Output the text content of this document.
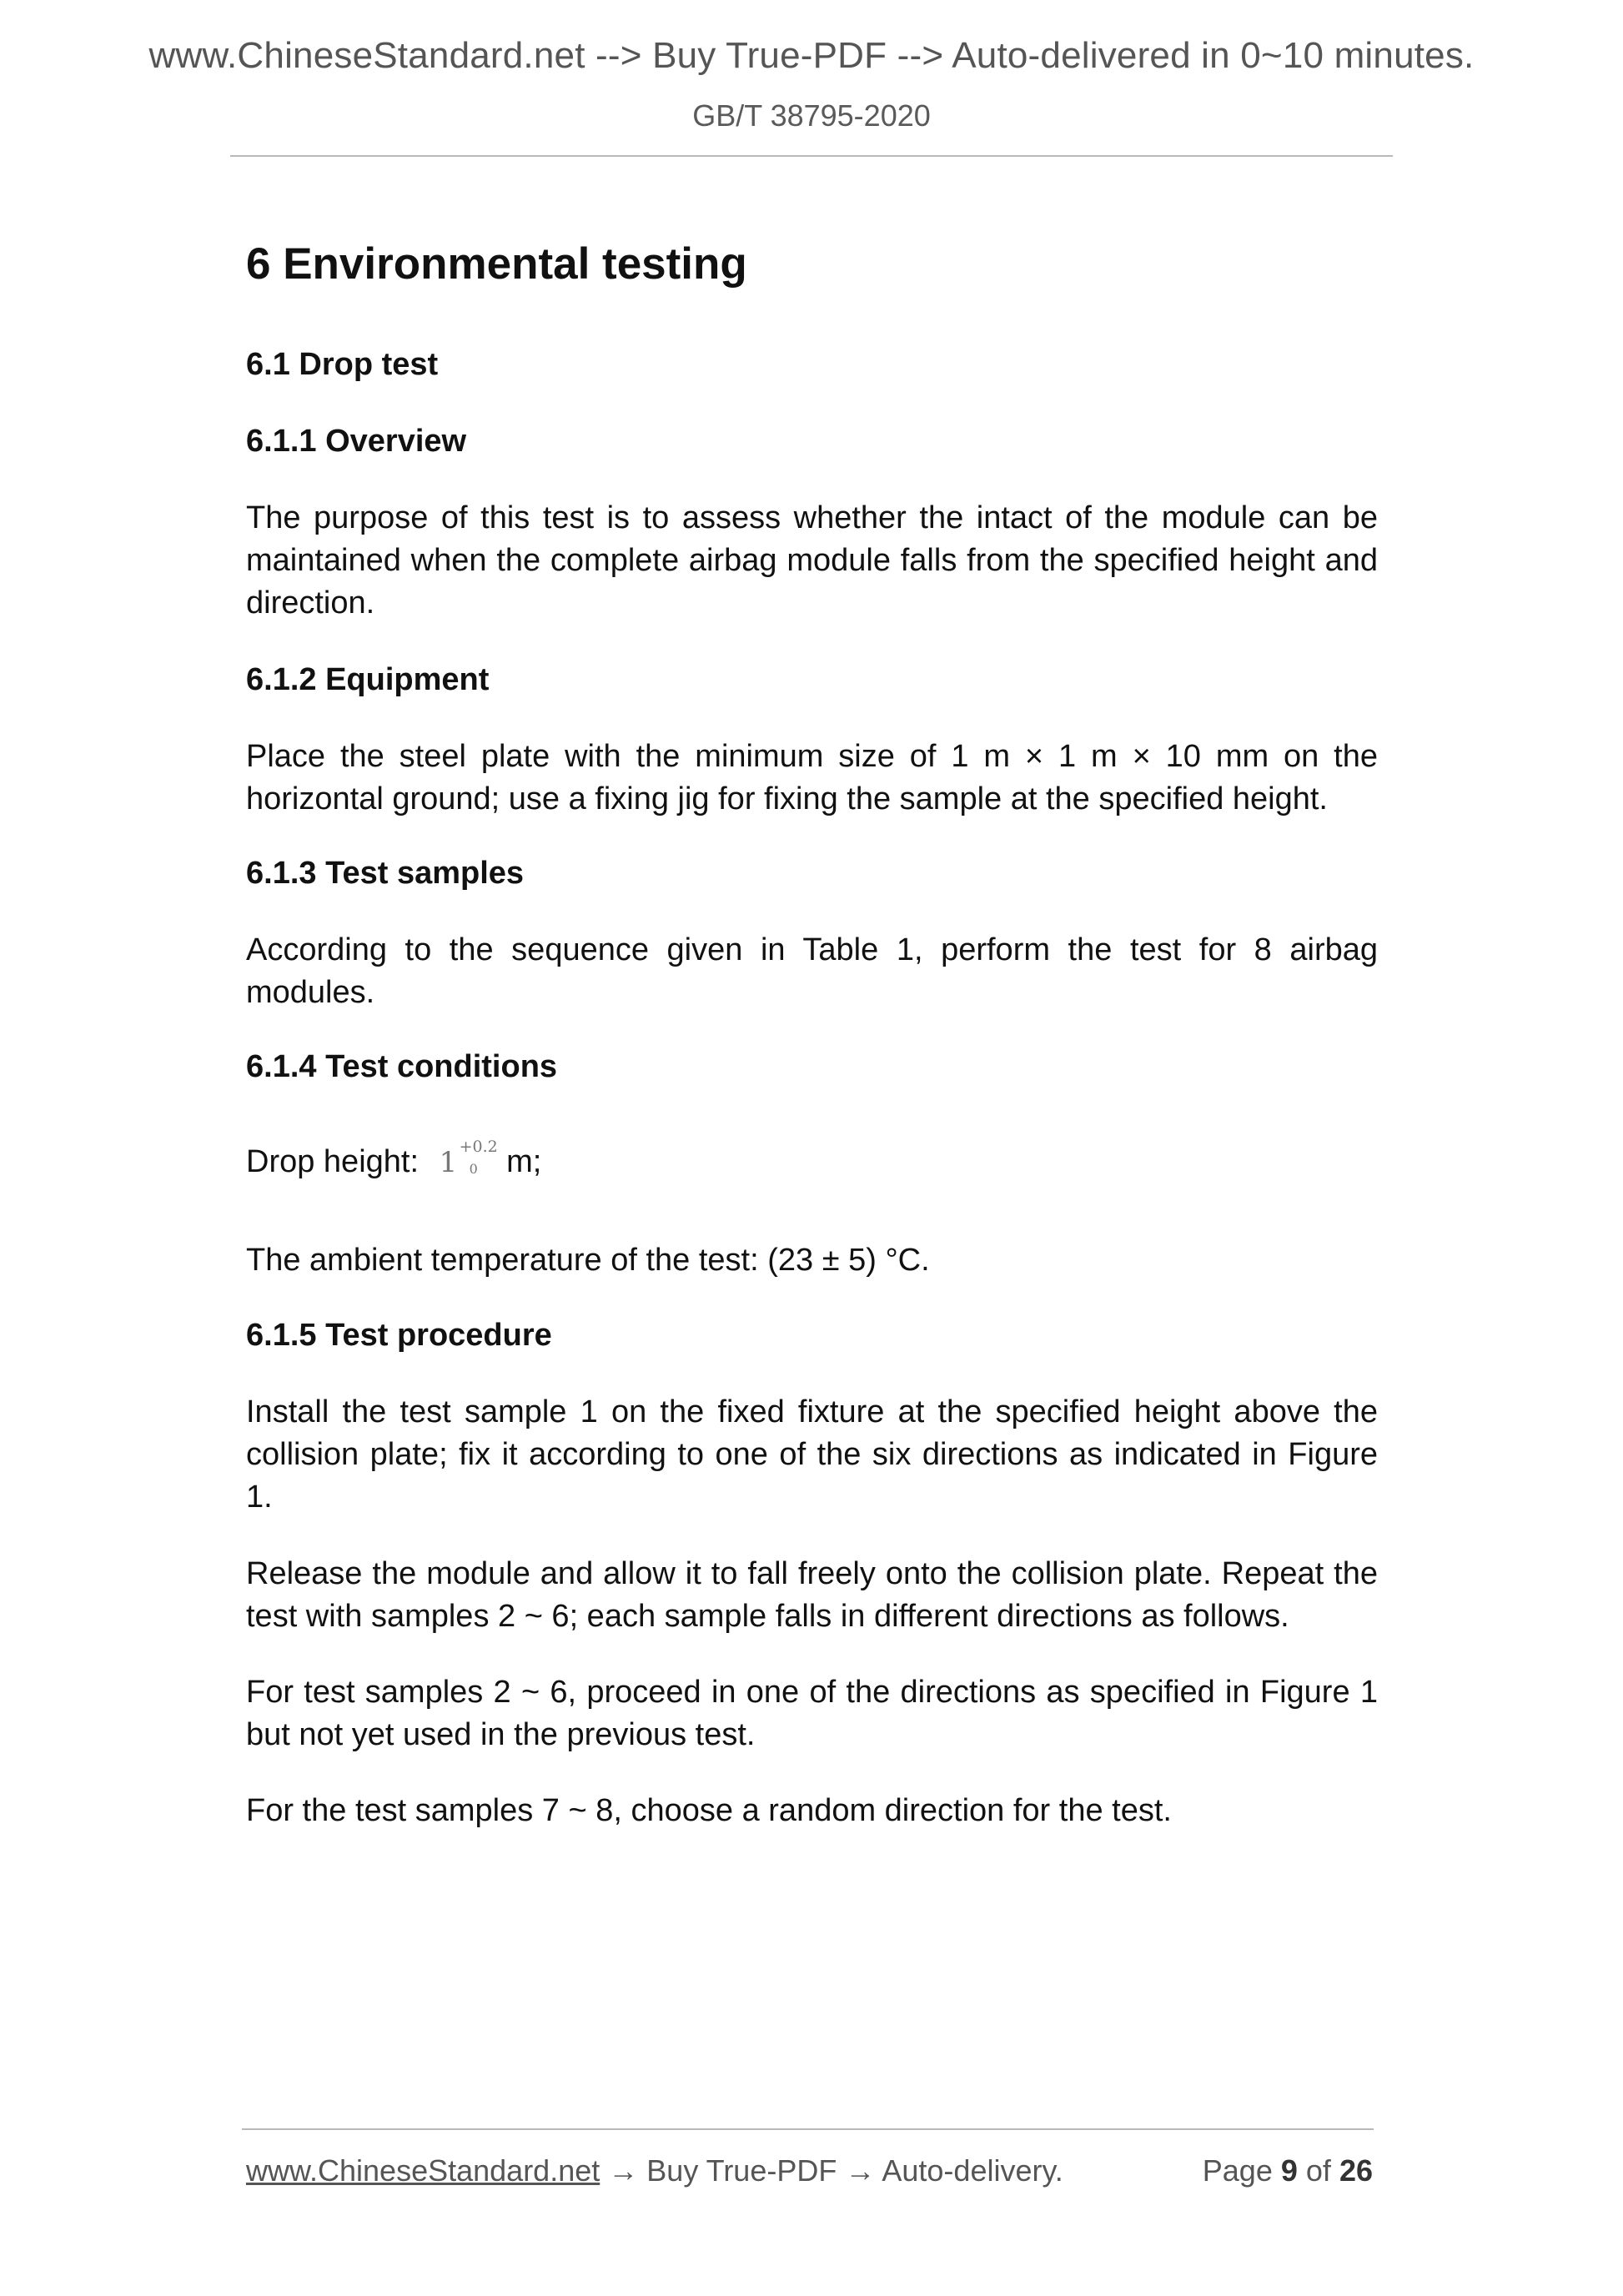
www.ChineseStandard.net --> Buy True-PDF --> Auto-delivered in 0~10 minutes.
GB/T 38795-2020
6 Environmental testing
6.1 Drop test
6.1.1 Overview
The purpose of this test is to assess whether the intact of the module can be maintained when the complete airbag module falls from the specified height and direction.
6.1.2 Equipment
Place the steel plate with the minimum size of 1 m × 1 m × 10 mm on the horizontal ground; use a fixing jig for fixing the sample at the specified height.
6.1.3 Test samples
According to the sequence given in Table 1, perform the test for 8 airbag modules.
6.1.4 Test conditions
Drop height: 1 +0.2
0 m;
The ambient temperature of the test: (23 ± 5) °C.
6.1.5 Test procedure
Install the test sample 1 on the fixed fixture at the specified height above the collision plate; fix it according to one of the six directions as indicated in Figure 1.
Release the module and allow it to fall freely onto the collision plate. Repeat the test with samples 2 ~ 6; each sample falls in different directions as follows.
For test samples 2 ~ 6, proceed in one of the directions as specified in Figure 1 but not yet used in the previous test.
For the test samples 7 ~ 8, choose a random direction for the test.
www.ChineseStandard.net → Buy True-PDF → Auto-delivery.	Page 9 of 26
